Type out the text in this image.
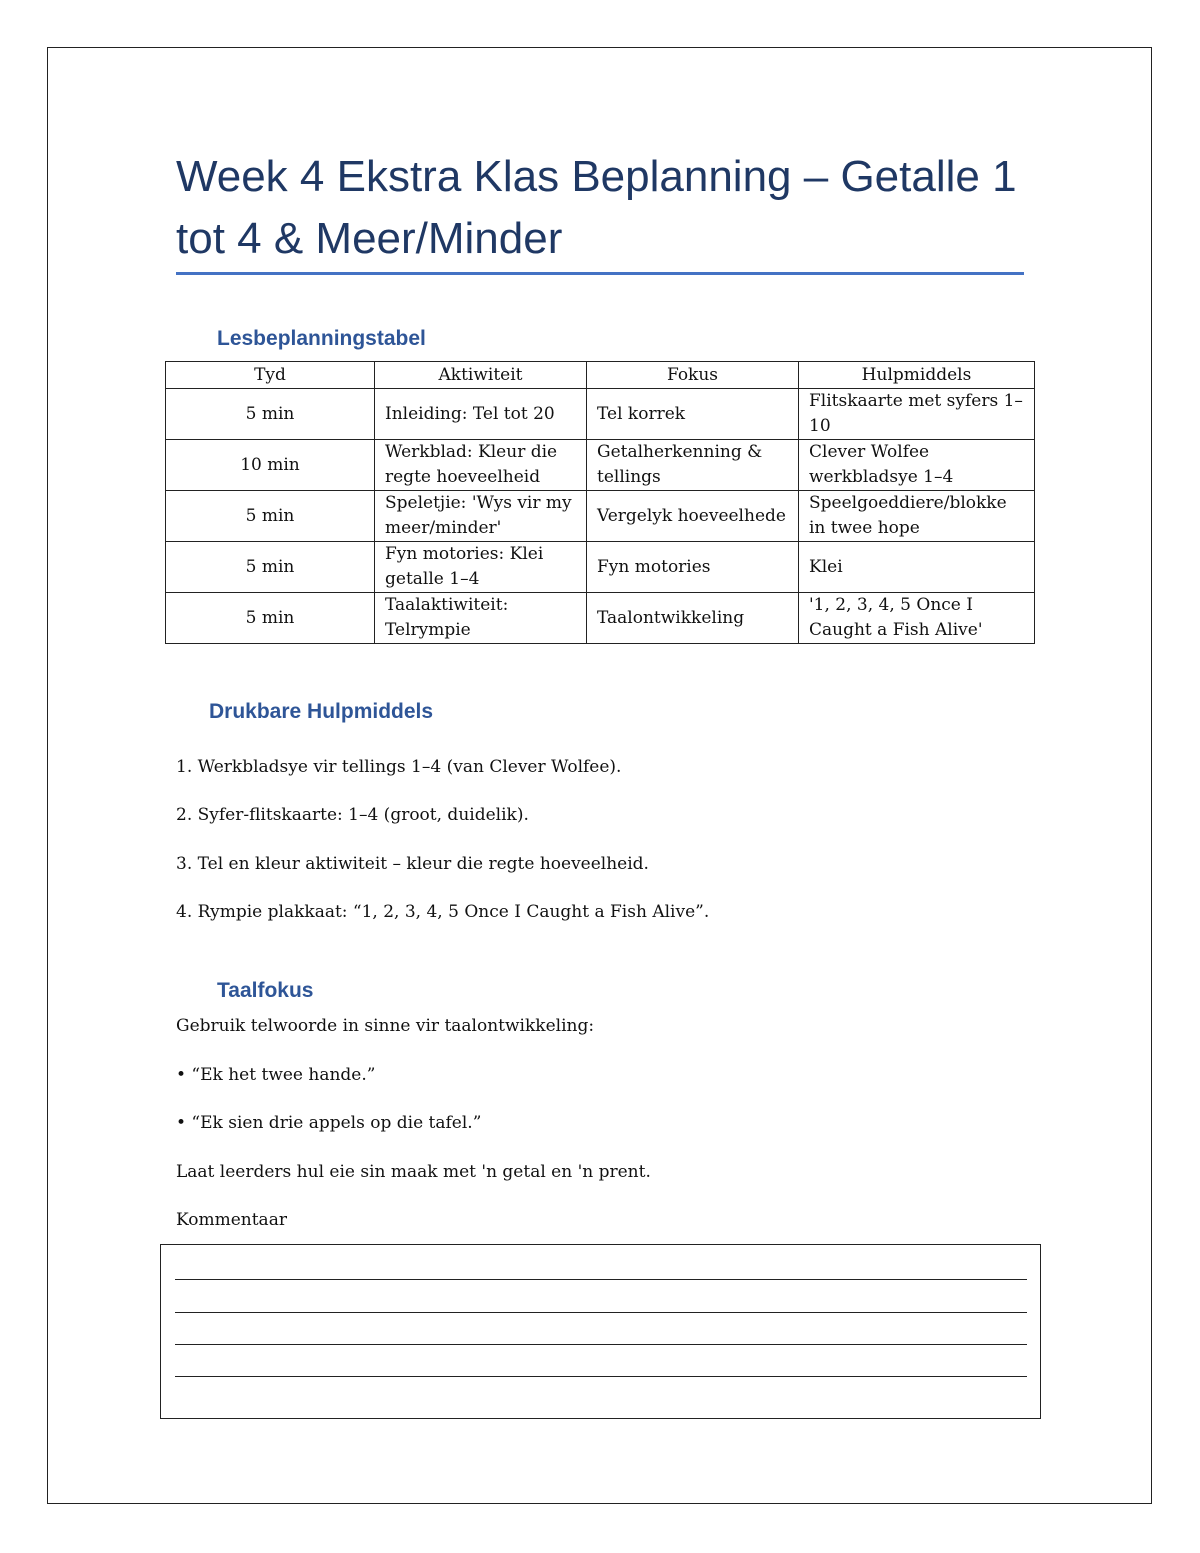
Week 4 Ekstra Klas Beplanning – Getalle 1 tot 4 & Meer/Minder
Lesbeplanningstabel
Tyd	Aktiwiteit	Fokus	Hulpmiddels
5 min	Inleiding: Tel tot 20	Tel korrek	Flitskaarte met syfers 1–10
10 min	Werkblad: Kleur die regte hoeveelheid	Getalherkenning & tellings	Clever Wolfee werkbladsye 1–4
5 min	Speletjie: 'Wys vir my meer/minder'	Vergelyk hoeveelhede	Speelgoeddiere/blokke in twee hope
5 min	Fyn motories: Klei getalle 1–4	Fyn motories	Klei
5 min	Taalaktiwiteit: Telrympie	Taalontwikkeling	'1, 2, 3, 4, 5 Once I Caught a Fish Alive'
Drukbare Hulpmiddels

1. Werkbladsye vir tellings 1–4 (van Clever Wolfee).

2. Syfer-flitskaarte: 1–4 (groot, duidelik).

3. Tel en kleur aktiwiteit – kleur die regte hoeveelheid.

4. Rympie plakkaat: “1, 2, 3, 4, 5 Once I Caught a Fish Alive”.

Taalfokus

Gebruik telwoorde in sinne vir taalontwikkeling:

• “Ek het twee hande.”

• “Ek sien drie appels op die tafel.”

Laat leerders hul eie sin maak met 'n getal en 'n prent.

Kommentaar
